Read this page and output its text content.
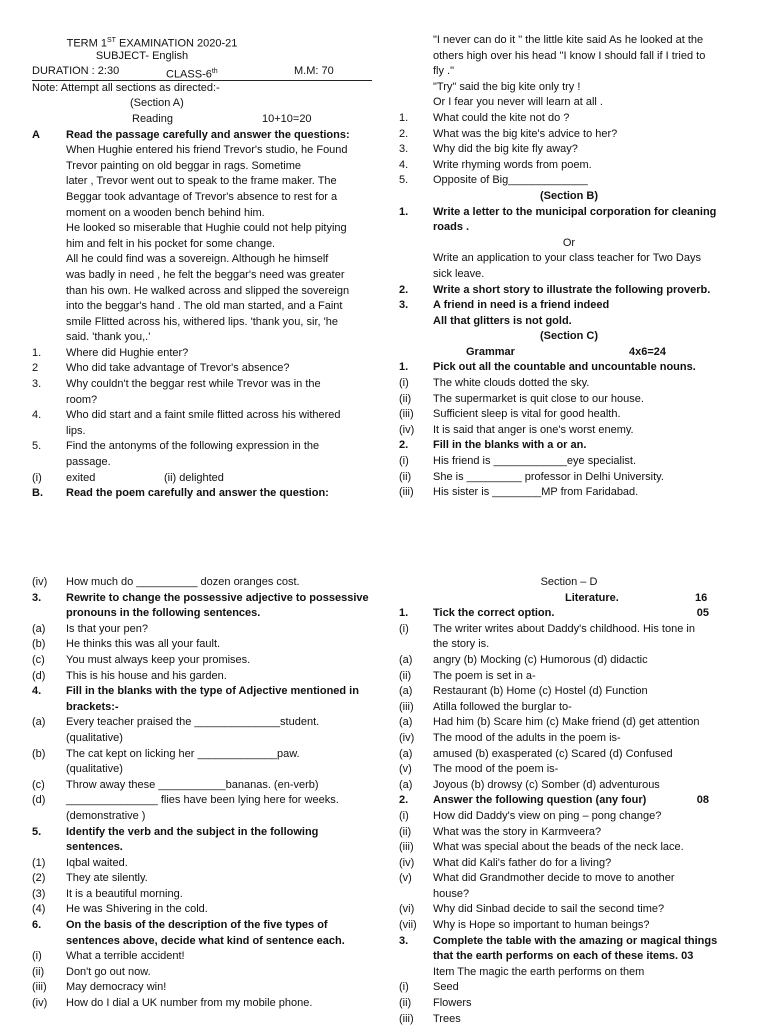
TERM 1ST EXAMINATION 2020-21
SUBJECT- English
DURATION : 2:30	CLASS-6th	M.M: 70
Note: Attempt all sections as directed:-
(Section A)
Reading	10+10=20
A Read the passage carefully and answer the questions:
When Hughie entered his friend Trevor's studio, he Found
Trevor painting on old beggar in rags. Sometime
later , Trevor went out to speak to the frame maker. The
Beggar took advantage of Trevor's absence to rest for a
moment on a wooden bench behind him.
He looked so miserable that Hughie could not help pitying
him and felt in his pocket for some change.
All he could find was a sovereign. Although he himself
was badly in need , he felt the beggar's need was greater
than his own. He walked across and slipped the sovereign
into the beggar's hand . The old man started, and a Faint
smile Flitted across his, withered lips. 'thank you, sir, 'he
said. 'thank you,.'
1. Where did Hughie enter?
2	Who did take advantage of Trevor's absence?
3. Why couldn't the beggar rest while Trevor was in the
room?
4. Who did start and a faint smile flitted across his withered
lips.
5. Find the antonyms of the following expression in the
passage.
(i) exited	(ii) delighted
B. Read the poem carefully and answer the question:
"I never can do it " the little kite said As he looked at the
others high over his head "I know I should fall if I tried to
fly ."
"Try" said the big kite only try !
Or I fear you never will learn at all .
1. What could the kite not do ?
2. What was the big kite's advice to her?
3. Why did the big kite fly away?
4. Write rhyming words from poem.
5. Opposite of Big_____________
(Section B)
1. Write a letter to the municipal corporation for cleaning
roads .
Or
Write an application to your class teacher for Two Days
sick leave.
2. Write a short story to illustrate the following proverb.
3. A friend in need is a friend indeed
All that glitters is not gold.
(Section C)
Grammar	4x6=24
1. Pick out all the countable and uncountable nouns.
(i) The white clouds dotted the sky.
(ii) The supermarket is quit close to our house.
(iii) Sufficient sleep is vital for good health.
(iv) It is said that anger is one's worst enemy.
2. Fill in the blanks with a or an.
(i) His friend is ____________eye specialist.
(ii) She is _________ professor in Delhi University.
(iii) His sister is ________MP from Faridabad.
(iv) How much do __________ dozen oranges cost.
3. Rewrite to change the possessive adjective to possessive
pronouns in the following sentences.
(a) Is that your pen?
(b) He thinks this was all your fault.
(c) You must always keep your promises.
(d) This is his house and his garden.
4. Fill in the blanks with the type of Adjective mentioned in
brackets:-
(a) Every teacher praised the ______________student.
(qualitative)
(b) The cat kept on licking her _____________paw.
(qualitative)
(c) Throw away these ___________bananas. (en-verb)
(d) _______________ flies have been lying here for weeks.
(demonstrative )
5. Identify the verb and the subject in the following
sentences.
(1) Iqbal waited.
(2) They ate silently.
(3) It is a beautiful morning.
(4) He was Shivering in the cold.
6. On the basis of the description of the five types of
sentences above, decide what kind of sentence each.
(i) What a terrible accident!
(ii) Don't go out now.
(iii) May democracy win!
(iv) How do I dial a UK number from my mobile phone.
Section – D
Literature.	16
1. Tick the correct option.	05
(i) The writer writes about Daddy's childhood. His tone in
the story is.
(a) angry (b) Mocking (c) Humorous (d) didactic
(ii) The poem is set in a-
(a) Restaurant (b) Home (c) Hostel (d) Function
(iii) Atilla followed the burglar to-
(a) Had him (b) Scare him (c) Make friend (d) get attention
(iv) The mood of the adults in the poem is-
(a) amused (b) exasperated (c) Scared (d) Confused
(v) The mood of the poem is-
(a) Joyous (b) drowsy (c) Somber (d) adventurous
2. Answer the following question (any four)	08
(i) How did Daddy's view on ping – pong change?
(ii) What was the story in Karmveera?
(iii) What was special about the beads of the neck lace.
(iv) What did Kali's father do for a living?
(v) What did Grandmother decide to move to another
house?
(vi) Why did Sinbad decide to sail the second time?
(vii) Why is Hope so important to human beings?
3. Complete the table with the amazing or magical things
that the earth performs on each of these items. 03
Item The magic the earth performs on them
(i) Seed
(ii) Flowers
(iii) Trees
